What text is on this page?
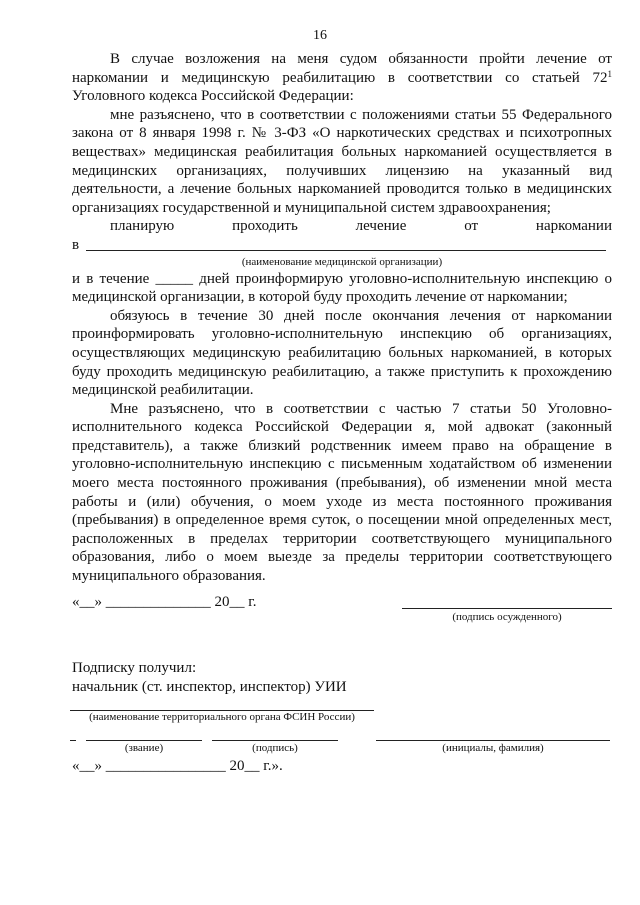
16

В случае возложения на меня судом обязанности пройти лечение от наркомании и медицинскую реабилитацию в соответствии со статьей $72^1$ Уголовного кодекса Российской Федерации:

мне разъяснено, что в соответствии с положениями статьи 55 Федерального закона от 8 января 1998 г. № 3-ФЗ «О наркотических средствах и психотропных веществах» медицинская реабилитация больных наркоманией осуществляется в медицинских организациях, получивших лицензию на указанный вид деятельности, а лечение больных наркоманией проводится только в медицинских организациях государственной и муниципальной систем здравоохранения;

планирую проходить лечение от наркомании

в
(наименование медицинской организации)

и в течение _____ дней проинформирую уголовно-исполнительную инспекцию о медицинской организации, в которой буду проходить лечение от наркомании;

обязуюсь в течение 30 дней после окончания лечения от наркомании проинформировать уголовно-исполнительную инспекцию об организациях, осуществляющих медицинскую реабилитацию больных наркоманией, в которых буду проходить медицинскую реабилитацию, а также приступить к прохождению медицинской реабилитации.

Мне разъяснено, что в соответствии с частью 7 статьи 50 Уголовно-исполнительного кодекса Российской Федерации я, мой адвокат (законный представитель), а также близкий родственник имеем право на обращение в уголовно-исполнительную инспекцию с письменным ходатайством об изменении моего места постоянного проживания (пребывания), об изменении мной места работы и (или) обучения, о моем уходе из места постоянного проживания (пребывания) в определенное время суток, о посещении мной определенных мест, расположенных в пределах территории соответствующего муниципального образования, либо о моем выезде за пределы территории соответствующего муниципального образования.

«__» ______________ 20__ г.
(подпись осужденного)
Подписку получил:
начальник (ст. инспектор, инспектор) УИИ
(наименование территориального органа ФСИН России)
(звание)	(подпись)	(инициалы, фамилия)
«__» ________________ 20__ г.».
